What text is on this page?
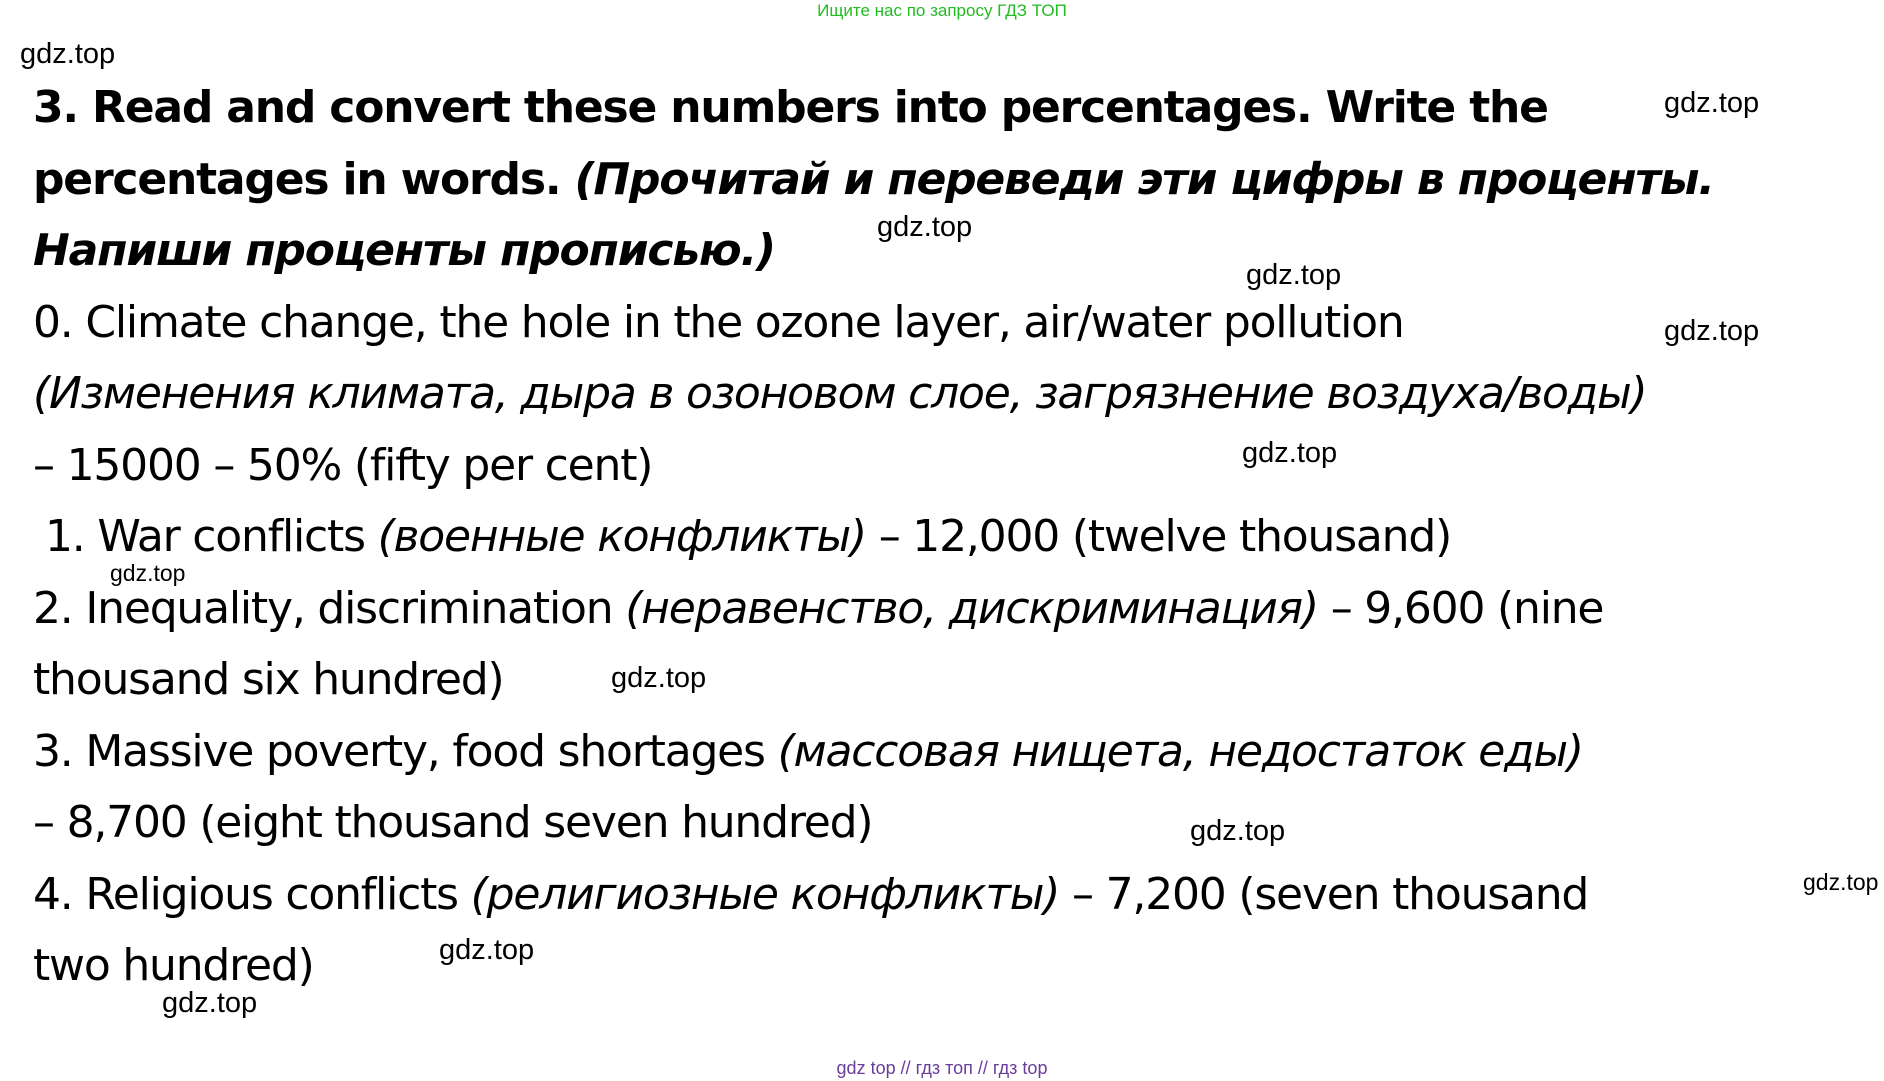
Ищите нас по запросу ГДЗ ТОП
3. Read and convert these numbers into percentages. Write the
percentages in words. (Прочитай и переведи эти цифры в проценты.
Напиши проценты прописью.)
0. Climate change, the hole in the ozone layer, air/water pollution
(Изменения климата, дыра в озоновом слое, загрязнение воздуха/воды)
– 15000 – 50% (fifty per cent)
1. War conflicts (военные конфликты) – 12,000 (twelve thousand)
2. Inequality, discrimination (неравенство, дискриминация) – 9,600 (nine
thousand six hundred)
3. Massive poverty, food shortages (массовая нищета, недостаток еды)
– 8,700 (eight thousand seven hundred)
4. Religious conflicts (религиозные конфликты) – 7,200 (seven thousand
two hundred)
gdz.top
gdz.top
gdz.top
gdz.top
gdz.top
gdz.top
gdz.top
gdz.top
gdz.top
gdz.top
gdz.top
gdz.top
gdz top // гдз топ // гдз top
